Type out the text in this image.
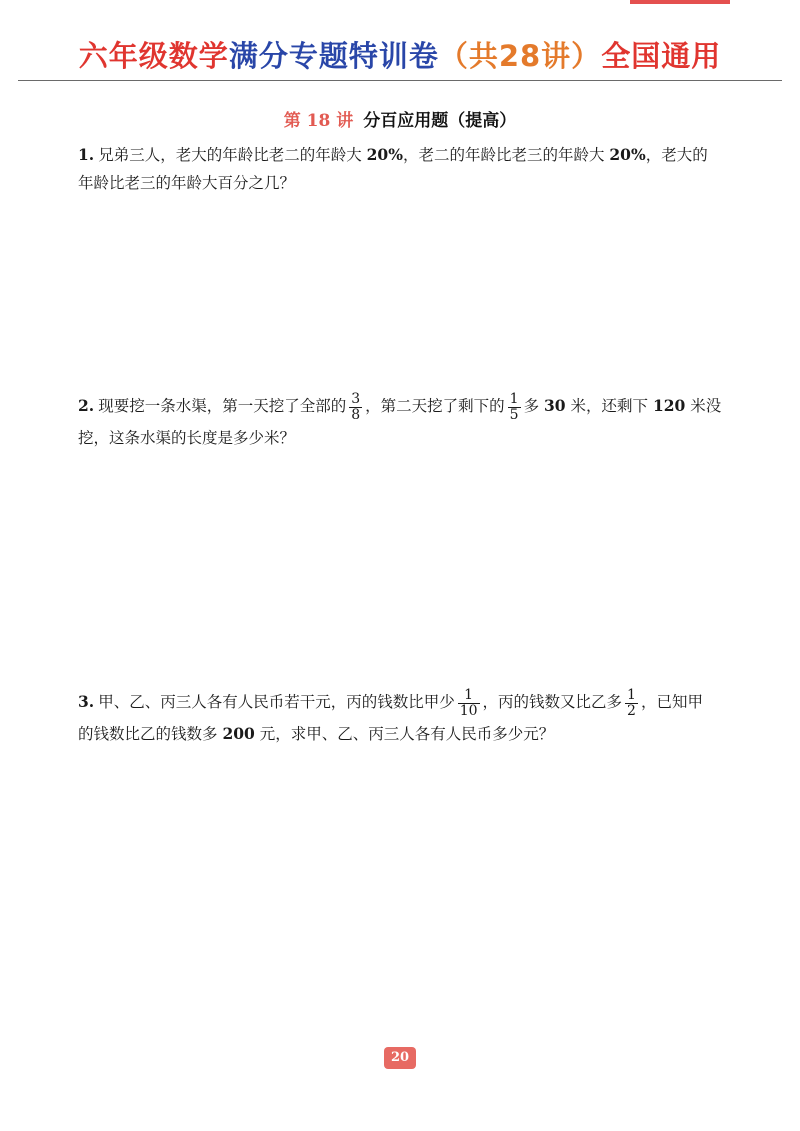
六年级数学满分专题特训卷（共28讲）全国通用
第 18 讲 分百应用题（提高）
1. 兄弟三人，老大的年龄比老二的年龄大 20%，老二的年龄比老三的年龄大 20%，老大的
年龄比老三的年龄大百分之几？
2. 现要挖一条水渠，第一天挖了全部的 $\frac{3}{8}$ ，第二天挖了剩下的 $\frac{1}{5}$ 多 30 米，还剩下 120 米没
挖，这条水渠的长度是多少米？
3. 甲、乙、丙三人各有人民币若干元，丙的钱数比甲少 $\frac{1}{10}$ ，丙的钱数又比乙多 $\frac{1}{2}$ ，已知甲
的钱数比乙的钱数多 200 元，求甲、乙、丙三人各有人民币多少元？
20
